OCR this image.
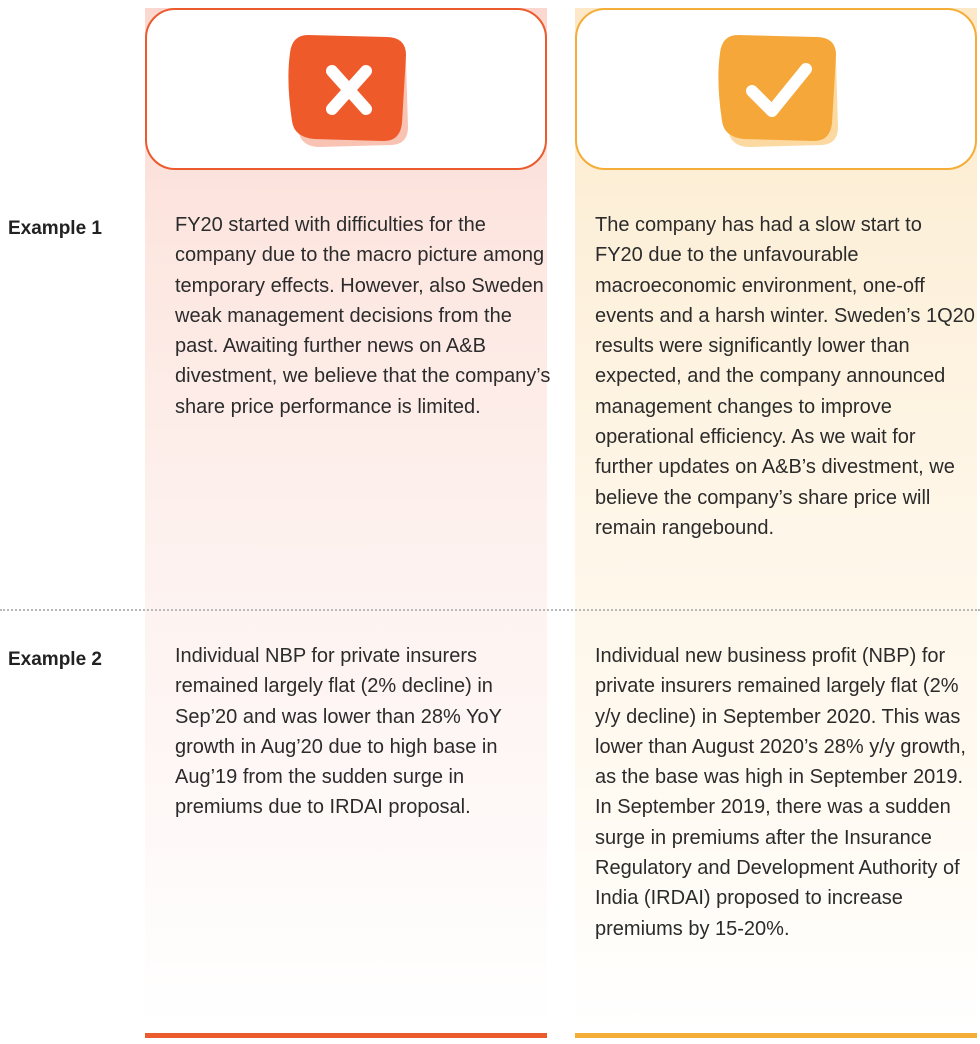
Example 1	FY20 started with difficulties for the company due to the macro picture among temporary effects. However, also Sweden weak management decisions from the past. Awaiting further news on A&B divestment, we believe that the company’s share price performance is limited.

The company has had a slow start to FY20 due to the unfavourable macroeconomic environment, one-off events and a harsh winter. Sweden’s 1Q20 results were significantly lower than expected, and the company announced management changes to improve operational efficiency. As we wait for further updates on A&B’s divestment, we believe the company’s share price will remain rangebound.

Example 2	Individual NBP for private insurers remained largely flat (2% decline) in Sep’20 and was lower than 28% YoY growth in Aug’20 due to high base in Aug’19 from the sudden surge in premiums due to IRDAI proposal.

Individual new business profit (NBP) for private insurers remained largely flat (2% y/y decline) in September 2020. This was lower than August 2020’s 28% y/y growth, as the base was high in September 2019. In September 2019, there was a sudden surge in premiums after the Insurance Regulatory and Development Authority of India (IRDAI) proposed to increase premiums by 15-20%.
